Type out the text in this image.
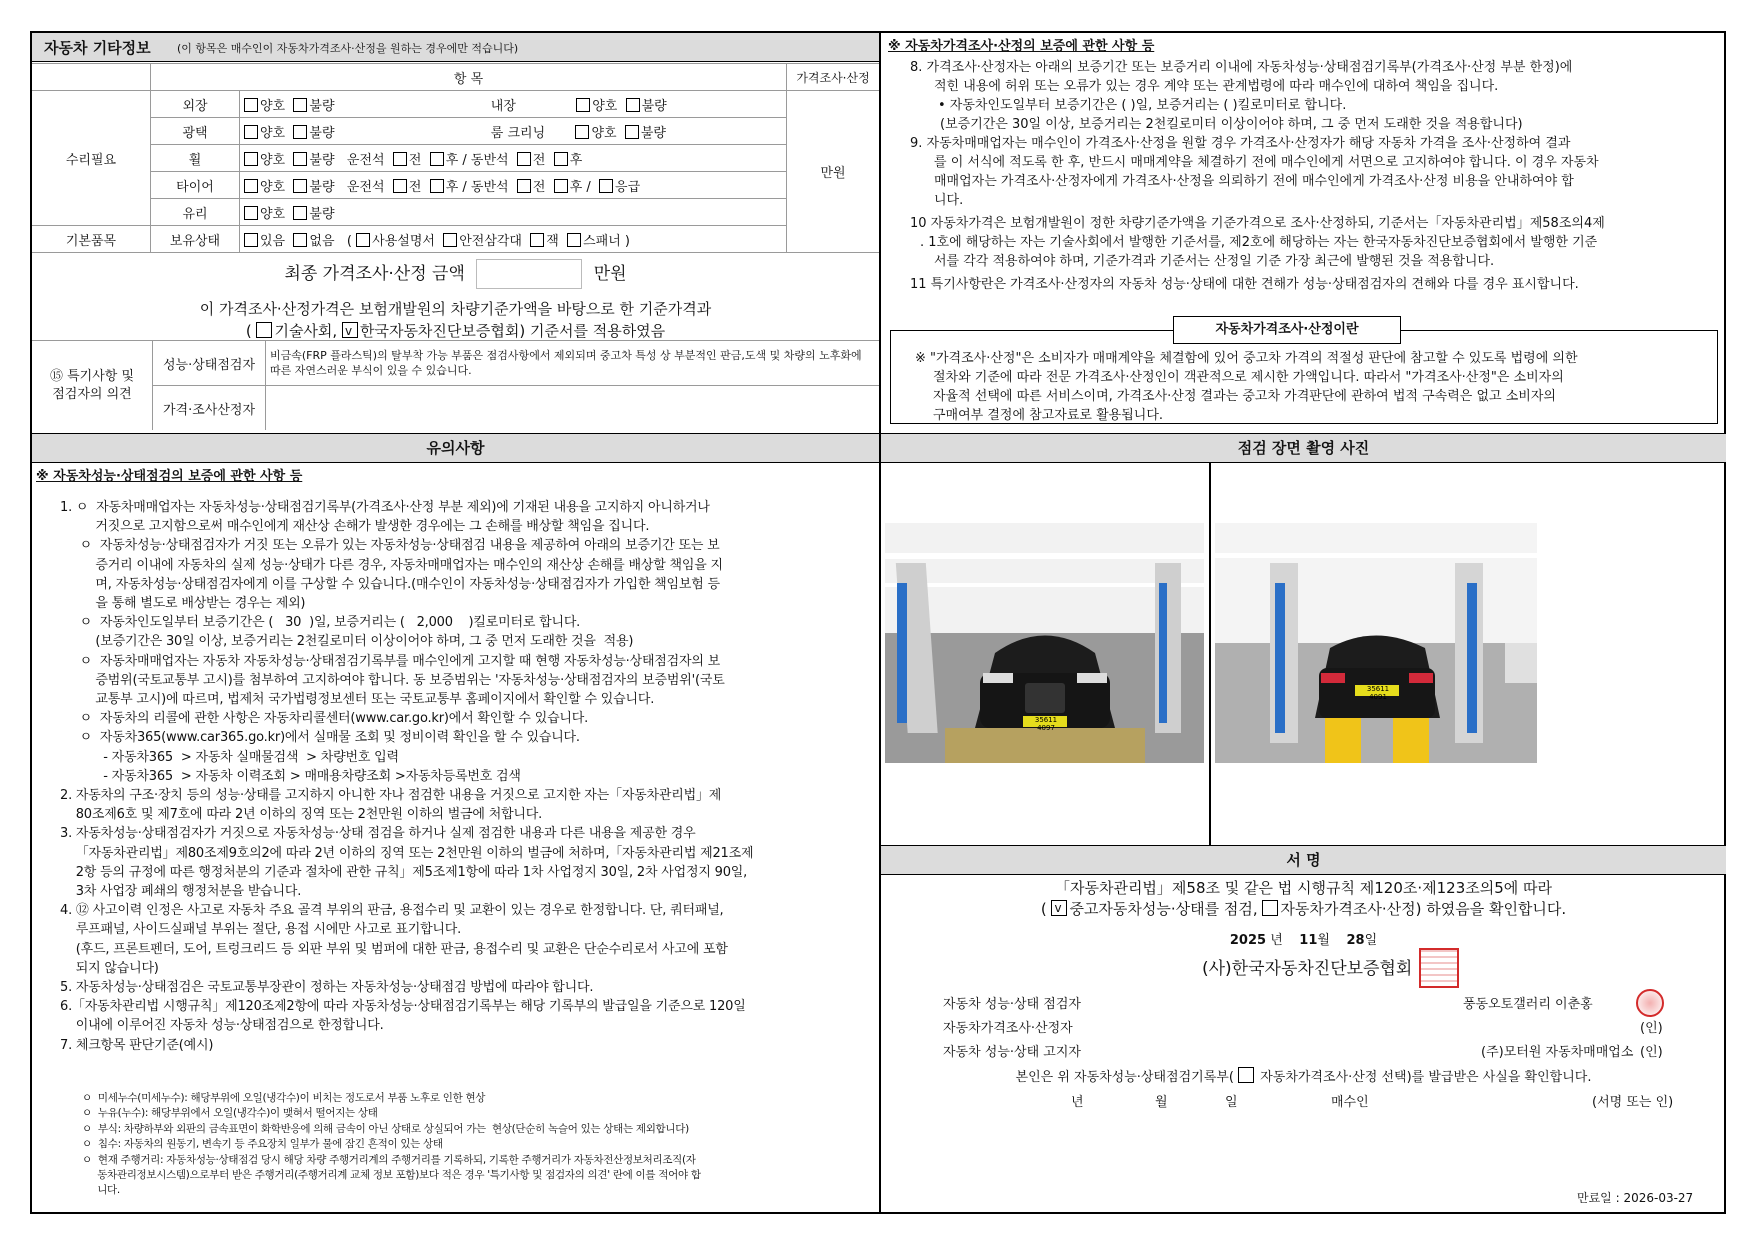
자동차 기타정보 (이 항목은 매수인이 자동차가격조사·산정을 원하는 경우에만 적습니다)
	항 목		가격조사·산정
수리필요	외장	양호 불량 내장 양호 불량	만원
	광택	양호 불량 룸 크리닝 양호 불량	
	휠	양호 불량 운전석 전 후 / 동반석 전 후	
	타이어	양호 불량 운전석 전 후 / 동반석 전 후 / 응급	
	유리	양호 불량	
기본품목	보유상태	있음 없음 ( 사용설명서 안전삼각대 잭 스패너 )	
최종 가격조사·산정 금액	만원
이 가격조사·산정가격은 보험개발원의 차량기준가액을 바탕으로 한 기준가격과
( 기술사회, v 한국자동차진단보증협회) 기준서를 적용하였음
⑮ 특기사항 및
점검자의 의견	성능·상태점검자	비금속(FRP 플라스틱)의 탈부착 가능 부품은 점검사항에서 제외되며 중고차 특성 상 부분적인 판금,도색 및 차량의 노후화에 따른 자연스러운 부식이 있을 수 있습니다.
	가격·조사산정자	
※ 자동차가격조사·산정의 보증에 관한 사항 등
8. 가격조사·산정자는 아래의 보증기간 또는 보증거리 이내에 자동차성능·상태점검기록부(가격조사·산정 부분 한정)에
적힌 내용에 허위 또는 오류가 있는 경우 계약 또는 관계법령에 따라 매수인에 대하여 책임을 집니다.
• 자동차인도일부터 보증기간은 ( )일, 보증거리는 ( )킬로미터로 합니다.
(보증기간은 30일 이상, 보증거리는 2천킬로미터 이상이어야 하며, 그 중 먼저 도래한 것을 적용합니다)
9. 자동차매매업자는 매수인이 가격조사·산정을 원할 경우 가격조사·산정자가 해당 자동차 가격을 조사·산정하여 결과
를 이 서식에 적도록 한 후, 반드시 매매계약을 체결하기 전에 매수인에게 서면으로 고지하여야 합니다. 이 경우 자동차
매매업자는 가격조사·산정자에게 가격조사·산정을 의뢰하기 전에 매수인에게 가격조사·산정 비용을 안내하여야 합
니다.
10 자동차가격은 보험개발원이 정한 차량기준가액을 기준가격으로 조사·산정하되, 기준서는「자동차관리법」제58조의4제
. 1호에 해당하는 자는 기술사회에서 발행한 기준서를, 제2호에 해당하는 자는 한국자동차진단보증협회에서 발행한 기준
서를 각각 적용하여야 하며, 기준가격과 기준서는 산정일 기준 가장 최근에 발행된 것을 적용합니다.
11 특기사항란은 가격조사·산정자의 자동차 성능·상태에 대한 견해가 성능·상태점검자의 견해와 다를 경우 표시합니다.
자동차가격조사·산정이란
※ "가격조사·산정"은 소비자가 매매계약을 체결함에 있어 중고차 가격의 적절성 판단에 참고할 수 있도록 법령에 의한
절차와 기준에 따라 전문 가격조사·산정인이 객관적으로 제시한 가액입니다. 따라서 "가격조사·산정"은 소비자의
자율적 선택에 따른 서비스이며, 가격조사·산정 결과는 중고차 가격판단에 관하여 법적 구속력은 없고 소비자의
구매여부 결정에 참고자료로 활용됩니다.
유의사항	점검 장면 촬영 사진
※ 자동차성능·상태점검의 보증에 관한 사항 등
1. ㅇ  자동차매매업자는 자동차성능·상태점검기록부(가격조사·산정 부분 제외)에 기재된 내용을 고지하지 아니하거나
거짓으로 고지함으로써 매수인에게 재산상 손해가 발생한 경우에는 그 손해를 배상할 책임을 집니다.
ㅇ  자동차성능·상태점검자가 거짓 또는 오류가 있는 자동차성능·상태점검 내용을 제공하여 아래의 보증기간 또는 보
증거리 이내에 자동차의 실제 성능·상태가 다른 경우, 자동차매매업자는 매수인의 재산상 손해를 배상할 책임을 지
며, 자동차성능·상태점검자에게 이를 구상할 수 있습니다.(매수인이 자동차성능·상태점검자가 가입한 책임보험 등
을 통해 별도로 배상받는 경우는 제외)
ㅇ  자동차인도일부터 보증기간은 (   30  )일, 보증거리는 (   2,000    )킬로미터로 합니다.
(보증기간은 30일 이상, 보증거리는 2천킬로미터 이상이어야 하며, 그 중 먼저 도래한 것을  적용)
ㅇ  자동차매매업자는 자동차 자동차성능·상태점검기록부를 매수인에게 고지할 때 현행 자동차성능·상태점검자의 보
증범위(국토교통부 고시)를 첨부하여 고지하여야 합니다. 동 보증범위는 '자동차성능·상태점검자의 보증범위'(국토
교통부 고시)에 따르며, 법제처 국가법령정보센터 또는 국토교통부 홈페이지에서 확인할 수 있습니다.
ㅇ  자동차의 리콜에 관한 사항은 자동차리콜센터(www.car.go.kr)에서 확인할 수 있습니다.
ㅇ  자동차365(www.car365.go.kr)에서 실매물 조회 및 정비이력 확인을 할 수 있습니다.
- 자동차365  > 자동차 실매물검색  > 차량번호 입력
- 자동차365  > 자동차 이력조회 > 매매용차량조회 >자동차등록번호 검색
2. 자동차의 구조·장치 등의 성능·상태를 고지하지 아니한 자나 점검한 내용을 거짓으로 고지한 자는「자동차관리법」제
80조제6호 및 제7호에 따라 2년 이하의 징역 또는 2천만원 이하의 벌금에 처합니다.
3. 자동차성능·상태점검자가 거짓으로 자동차성능·상태 점검을 하거나 실제 점검한 내용과 다른 내용을 제공한 경우
「자동차관리법」제80조제9호의2에 따라 2년 이하의 징역 또는 2천만원 이하의 벌금에 처하며,「자동차관리법 제21조제
2항 등의 규정에 따른 행정처분의 기준과 절차에 관한 규칙」제5조제1항에 따라 1차 사업정지 30일, 2차 사업정지 90일,
3차 사업장 폐쇄의 행정처분을 받습니다.
4. ⑫ 사고이력 인정은 사고로 자동차 주요 골격 부위의 판금, 용접수리 및 교환이 있는 경우로 한정합니다. 단, 쿼터패널,
루프패널, 사이드실패널 부위는 절단, 용접 시에만 사고로 표기합니다.
(후드, 프론트펜더, 도어, 트렁크리드 등 외판 부위 및 범퍼에 대한 판금, 용접수리 및 교환은 단순수리로서 사고에 포함
되지 않습니다)
5. 자동차성능·상태점검은 국토교통부장관이 정하는 자동차성능·상태점검 방법에 따라야 합니다.
6.「자동차관리법 시행규칙」제120조제2항에 따라 자동차성능·상태점검기록부는 해당 기록부의 발급일을 기준으로 120일
이내에 이루어진 자동차 성능·상태점검으로 한정합니다.
7. 체크항목 판단기준(예시)
ㅇ  미세누수(미세누수): 해당부위에 오일(냉각수)이 비치는 정도로서 부품 노후로 인한 현상
ㅇ  누유(누수): 해당부위에서 오일(냉각수)이 맺혀서 떨어지는 상태
ㅇ  부식: 차량하부와 외판의 금속표면이 화학반응에 의해 금속이 아닌 상태로 상실되어 가는  현상(단순히 녹슬어 있는 상태는 제외합니다)
ㅇ  침수: 자동차의 원동기, 변속기 등 주요장치 일부가 물에 잠긴 흔적이 있는 상태
ㅇ  현재 주행거리: 자동차성능·상태점검 당시 해당 차량 주행거리계의 주행거리를 기록하되, 기록한 주행거리가 자동차전산정보처리조직(자
동차관리정보시스템)으로부터 받은 주행거리(주행거리계 교체 정보 포함)보다 적은 경우 '특기사항 및 점검자의 의견' 란에 이를 적어야 합
니다.
35611 4097
35611 4091
서 명
「자동차관리법」제58조 및 같은 법 시행규칙 제120조·제123조의5에 따라
( v 중고자동차성능·상태를 점검, 자동차가격조사·산정) 하였음을 확인합니다.
2025 년 11월 28일
(사)한국자동차진단보증협회
자동차 성능·상태 점검자	풍동오토갤러리 이춘홍
자동차가격조사·산정자	(인)
자동차 성능·상태 고지자	(주)모터원 자동차매매업소 (인)
본인은 위 자동차성능·상태점검기록부( 자동차가격조사·산정 선택)를 발급받은 사실을 확인합니다.
년	월	일	매수인	(서명 또는 인)
만료일 : 2026-03-27
